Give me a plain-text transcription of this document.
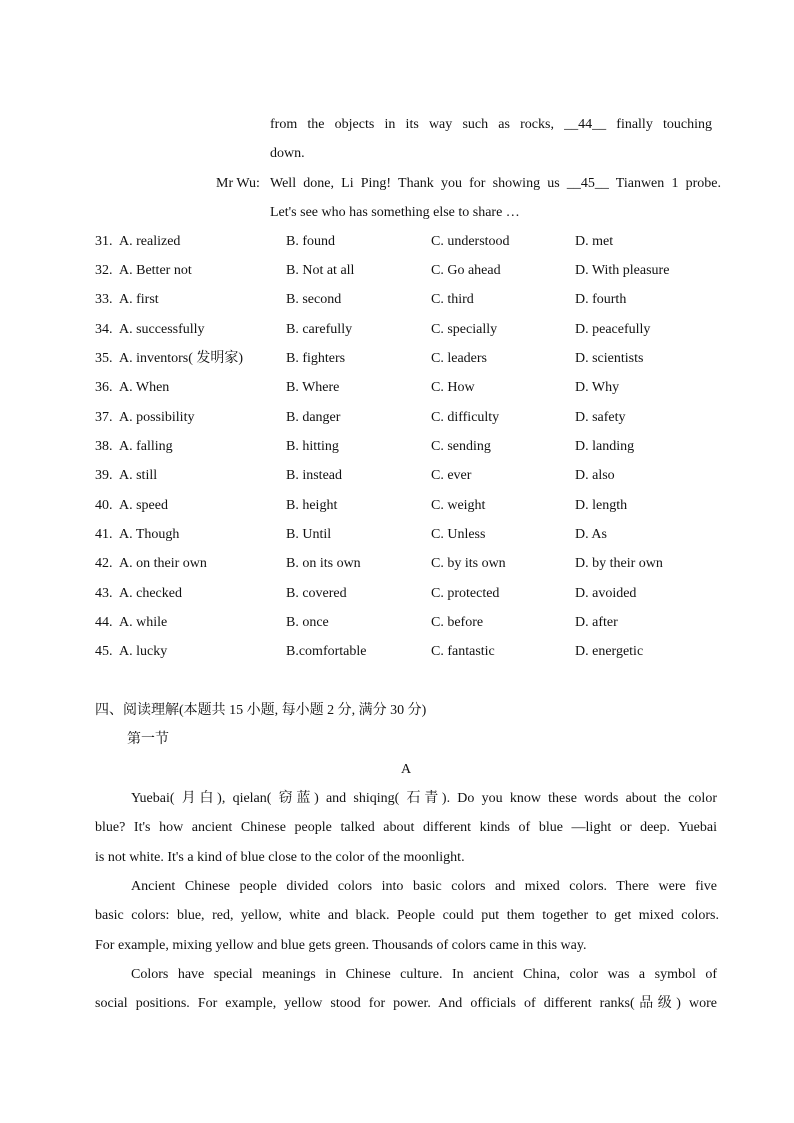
from the objects in its way such as rocks, __44__ finally touching
down.
Mr Wu: Well done, Li Ping! Thank you for showing us __45__ Tianwen 1 probe.
Let's see who has something else to share …
31. A. realized	B. found	C. understood	D. met
32. A. Better not	B. Not at all	C. Go ahead	D. With pleasure
33. A. first	B. second	C. third	D. fourth
34. A. successfully	B. carefully	C. specially	D. peacefully
35. A. inventors( 发明家)	B. fighters	C. leaders	D. scientists
36. A. When	B. Where	C. How	D. Why
37. A. possibility	B. danger	C. difficulty	D. safety
38. A. falling	B. hitting	C. sending	D. landing
39. A. still	B. instead	C. ever	D. also
40. A. speed	B. height	C. weight	D. length
41. A. Though	B. Until	C. Unless	D. As
42. A. on their own	B. on its own	C. by its own	D. by their own
43. A. checked	B. covered	C. protected	D. avoided
44. A. while	B. once	C. before	D. after
45. A. lucky	B.comfortable	C. fantastic	D. energetic
四、阅读理解(本题共 15 小题, 每小题 2 分, 满分 30 分)
第一节
A
Yuebai( 月白), qielan( 窃蓝) and shiqing( 石青). Do you know these words about the color
blue? It's how ancient Chinese people talked about different kinds of blue —light or deep. Yuebai
is not white. It's a kind of blue close to the color of the moonlight.
Ancient Chinese people divided colors into basic colors and mixed colors. There were five
basic colors: blue, red, yellow, white and black. People could put them together to get mixed colors.
For example, mixing yellow and blue gets green. Thousands of colors came in this way.
Colors have special meanings in Chinese culture. In ancient China, color was a symbol of
social positions. For example, yellow stood for power. And officials of different ranks(品级) wore
